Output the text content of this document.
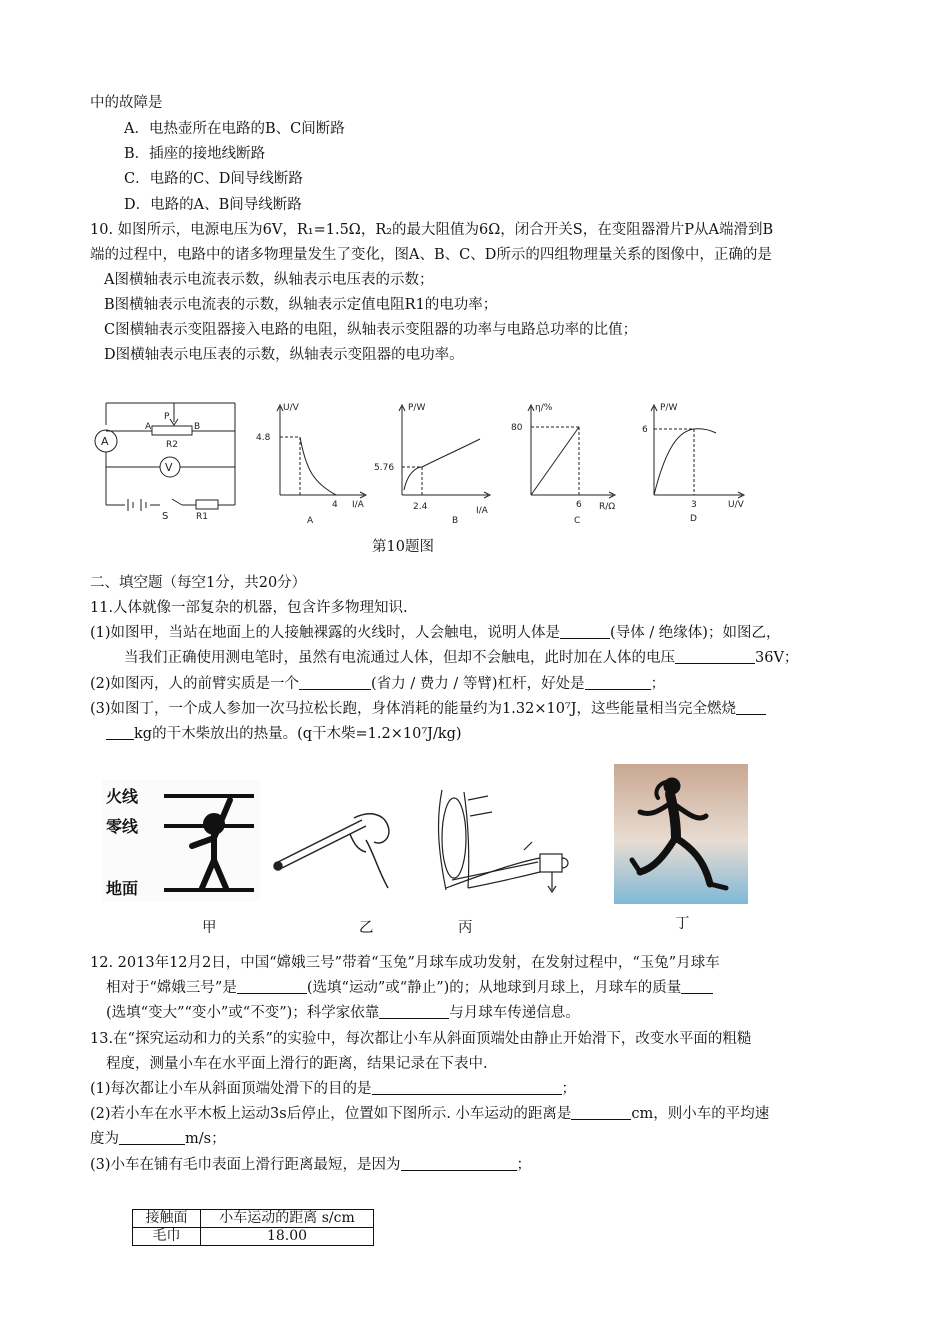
中的故障是
A．电热壶所在电路的B、C间断路
B．插座的接地线断路
C．电路的C、D间导线断路
D．电路的A、B间导线断路
10. 如图所示，电源电压为6V，R₁=1.5Ω，R₂的最大阻值为6Ω，闭合开关S，在变阻器滑片P从A端滑到B
端的过程中，电路中的诸多物理量发生了变化，图A、B、C、D所示的四组物理量关系的图像中，正确的是
A图横轴表示电流表示数，纵轴表示电压表的示数；
B图横轴表示电流表的示数，纵轴表示定值电阻R1的电功率；
C图横轴表示变阻器接入电路的电阻，纵轴表示变阻器的功率与电路总功率的比值；
D图横轴表示电压表的示数，纵轴表示变阻器的电功率。
P
A	B
R2
A
V
S	R1
U/V
4.8
4 I/A
A
P/W
5.76
2.4	I/A
B
η/%
80
6 R/Ω
C
P/W
6
3	U/V
D
第10题图
二、填空题（每空1分，共20分）
11.人体就像一部复杂的机器，包含许多物理知识.
(1)如图甲，当站在地面上的人接触裸露的火线时，人会触电，说明人体是	(导体 / 绝缘体)；如图乙，
当我们正确使用测电笔时，虽然有电流通过人体，但却不会触电，此时加在人体的电压	36V；
(2)如图丙，人的前臂实质是一个	(省力 / 费力 / 等臂)杠杆，好处是	；
(3)如图丁，一个成人参加一次马拉松长跑，身体消耗的能量约为1.32×10⁷J，这些能量相当完全燃烧
kg的干木柴放出的热量。(q干木柴=1.2×10⁷J/kg)
火线
零线
地面
甲	乙	丙	丁
12. 2013年12月2日，中国“嫦娥三号”带着“玉兔”月球车成功发射，在发射过程中，“玉兔”月球车
相对于“嫦娥三号”是	(选填“运动”或“静止”)的；从地球到月球上，月球车的质量
(选填“变大”“变小”或“不变”)；科学家依靠	与月球车传递信息。
13.在“探究运动和力的关系”的实验中，每次都让小车从斜面顶端处由静止开始滑下，改变水平面的粗糙
程度，测量小车在水平面上滑行的距离，结果记录在下表中.
(1)每次都让小车从斜面顶端处滑下的目的是	；
(2)若小车在水平木板上运动3s后停止，位置如下图所示. 小车运动的距离是	cm，则小车的平均速
度为	m/s；
(3)小车在铺有毛巾表面上滑行距离最短，是因为	；
接触面	小车运动的距离 s/cm
毛巾	18.00
